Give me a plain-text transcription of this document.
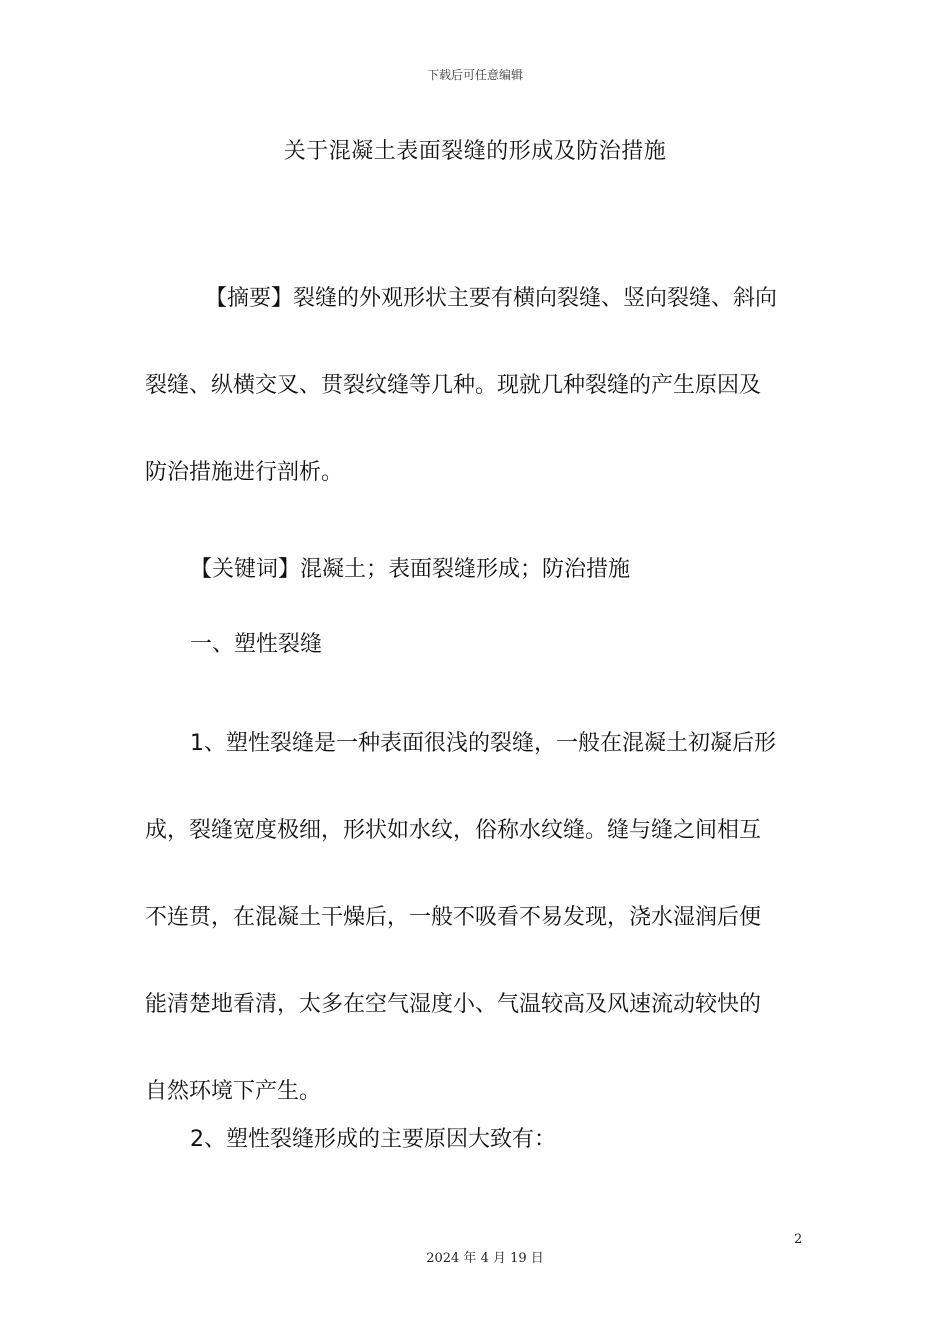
下载后可任意编辑
关于混凝土表面裂缝的形成及防治措施
【摘要】裂缝的外观形状主要有横向裂缝、竖向裂缝、斜向
裂缝、纵横交叉、贯裂纹缝等几种。现就几种裂缝的产生原因及
防治措施进行剖析。
【关键词】混凝土；表面裂缝形成；防治措施
一、塑性裂缝
1、塑性裂缝是一种表面很浅的裂缝，一般在混凝土初凝后形
成，裂缝宽度极细，形状如水纹，俗称水纹缝。缝与缝之间相互
不连贯，在混凝土干燥后，一般不吸看不易发现，浇水湿润后便
能清楚地看清，太多在空气湿度小、气温较高及风速流动较快的
自然环境下产生。
2、塑性裂缝形成的主要原因大致有：
2
2024 年 4 月 19 日
